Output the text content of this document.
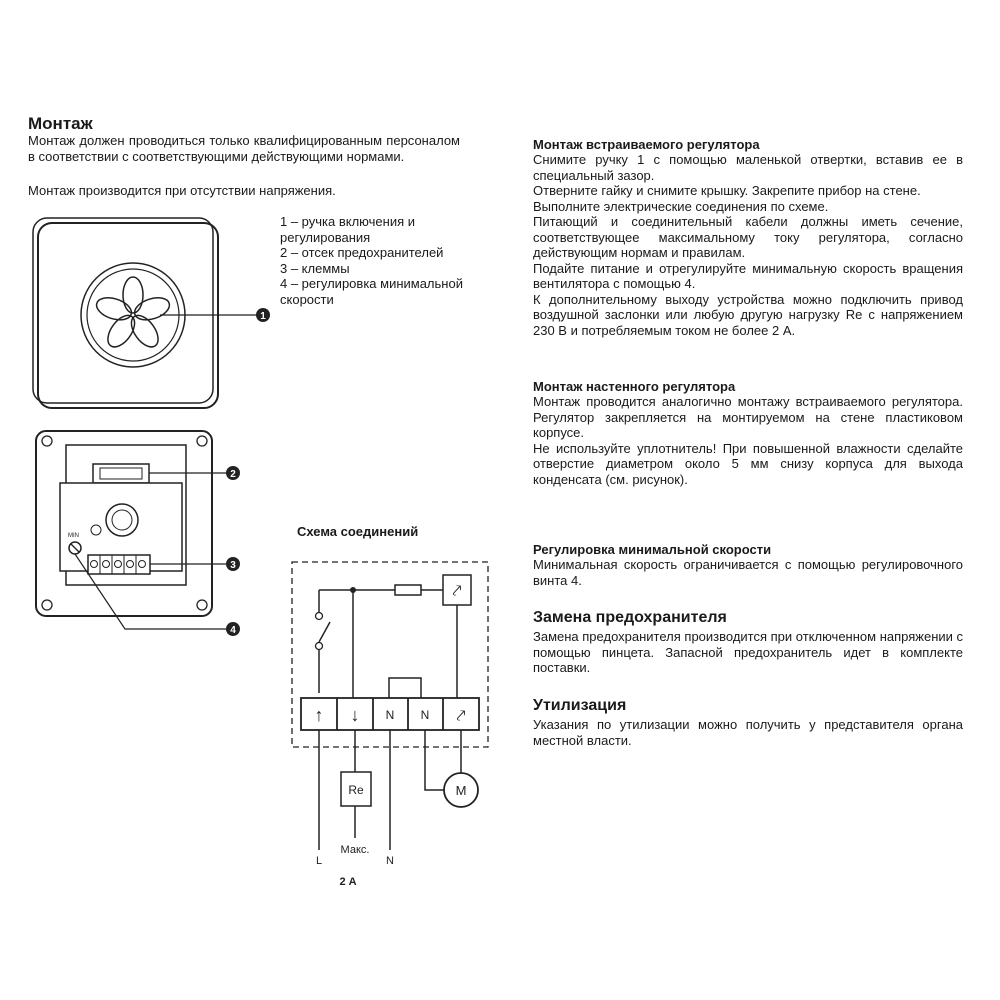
Монтаж
Монтаж должен проводиться только квалифицированным персоналом в соответствии с соответствующими действующими нормами.
Монтаж производится при отсутствии напряжения.
1 – ручка включения и регулирования
2 – отсек предохранителей
3 – клеммы
4 – регулировка минимальной скорости
1
2
MIN
3
4
Схема соединений
⤤
↑ ↓ N N ⤤
Re	M
L
Макс.
2 А
N
Монтаж встраиваемого регулятора
Снимите ручку 1 с помощью маленькой отвертки, вставив ее в специальный зазор.
Отверните гайку и снимите крышку. Закрепите прибор на стене.
Выполните электрические соединения по схеме.
Питающий и соединительный кабели должны иметь сечение, соответствующее максимальному току регулятора, согласно действующим нормам и правилам.
Подайте питание и отрегулируйте минимальную скорость вращения вентилятора с помощью 4.
К дополнительному выходу устройства можно подключить привод воздушной заслонки или любую другую нагрузку Re с напряжением 230 В и потребляемым током не более 2 А.
Монтаж настенного регулятора
Монтаж проводится аналогично монтажу встраиваемого регулятора. Регулятор закрепляется на монтируемом на стене пластиковом корпусе.
Не используйте уплотнитель! При повышенной влажности сделайте отверстие диаметром около 5 мм снизу корпуса для выхода конденсата (см. рисунок).
Регулировка минимальной скорости
Минимальная скорость ограничивается с помощью регулировочного винта 4.
Замена предохранителя
Замена предохранителя производится при отключенном напряжении с помощью пинцета. Запасной предохранитель идет в комплекте поставки.
Утилизация
Указания по утилизации можно получить у представителя органа местной власти.
